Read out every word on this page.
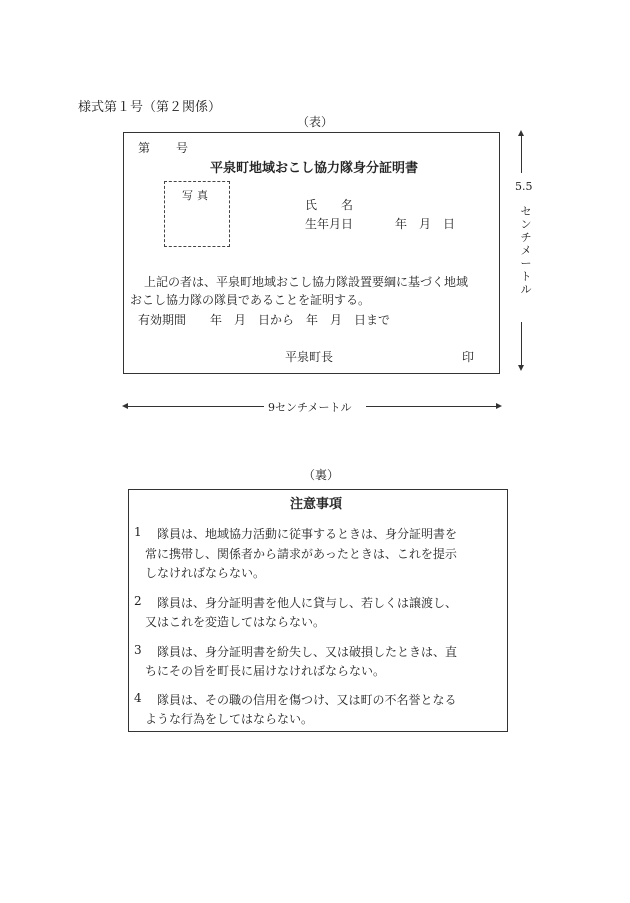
様式第１号（第２関係）
（表）
第 号
平泉町地域おこし協力隊身分証明書
写真
氏　　名
生年月日	年　月　日
上記の者は、平泉町地域おこし協力隊設置要綱に基づく地域
おこし協力隊の隊員であることを証明する。
有効期間　　年　月　日から　年　月　日まで
平泉町長	印
5.5
センチメートル
9センチメートル
（裏）
注意事項
1 隊員は、地域協力活動に従事するときは、身分証明書を
常に携帯し、関係者から請求があったときは、これを提示
しなければならない。
2 隊員は、身分証明書を他人に貸与し、若しくは譲渡し、
又はこれを変造してはならない。
3 隊員は、身分証明書を紛失し、又は破損したときは、直
ちにその旨を町長に届けなければならない。
4 隊員は、その職の信用を傷つけ、又は町の不名誉となる
ような行為をしてはならない。
